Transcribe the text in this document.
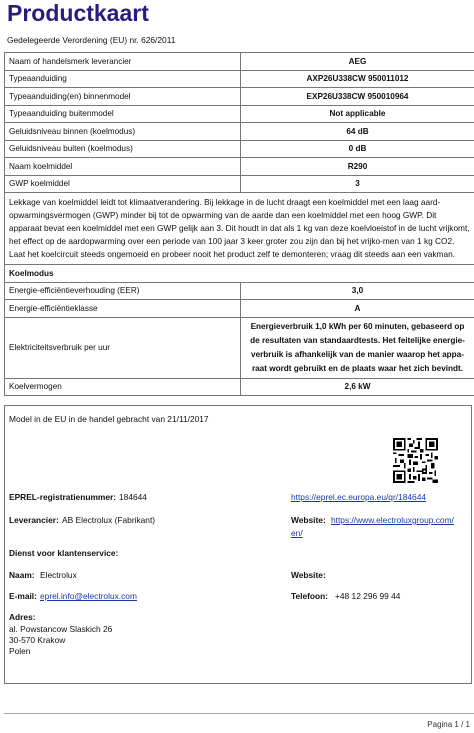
Productkaart
Gedelegeerde Verordening (EU) nr. 626/2011
Naam of handelsmerk leverancier	AEG
Typeaanduiding	AXP26U338CW 950011012
Typeaanduiding(en) binnenmodel	EXP26U338CW 950010964
Typeaanduiding buitenmodel	Not applicable
Geluidsniveau binnen (koelmodus)	64 dB
Geluidsniveau buiten (koelmodus)	0 dB
Naam koelmiddel	R290
GWP koelmiddel	3
Lekkage van koelmiddel leidt tot klimaatverandering. Bij lekkage in de lucht draagt een koelmiddel met een laag aard-opwarmingsvermogen (GWP) minder bij tot de opwarming van de aarde dan een koelmiddel met een hoog GWP. Dit apparaat bevat een koelmiddel met een GWP gelijk aan 3. Dit houdt in dat als 1 kg van deze koelvloeistof in de lucht vrijkomt, het effect op de aardopwarming over een periode van 100 jaar 3 keer groter zou zijn dan bij het vrijko-men van 1 kg CO2. Laat het koelcircuit steeds ongemoeid en probeer nooit het product zelf te demonteren; vraag dit steeds aan een vakman.	
Koelmodus	
Energie-efficiëntieverhouding (EER)	3,0
Energie-efficiëntieklasse	A
Elektriciteitsverbruik per uur	Energieverbruik 1,0 kWh per 60 minuten, gebaseerd op de resultaten van standaardtests. Het feitelijke energie-verbruik is afhankelijk van de manier waarop het appa-raat wordt gebruikt en de plaats waar het zich bevindt.
Koelvermogen	2,6 kW
Model in de EU in de handel gebracht van 21/11/2017
EPREL-registratienummer: 184644	https://eprel.ec.europa.eu/qr/184644
Leverancier: AB Electrolux (Fabrikant)	Website: https://www.electroluxgroup.com/
en/
Dienst voor klantenservice:
Naam: Electrolux	Website:
E-mail: eprel.info@electrolux.com	Telefoon: +48 12 296 99 44
Adres:
al. Powstancow Slaskich 26
30-570 Krakow
Polen
Pagina 1 / 1
